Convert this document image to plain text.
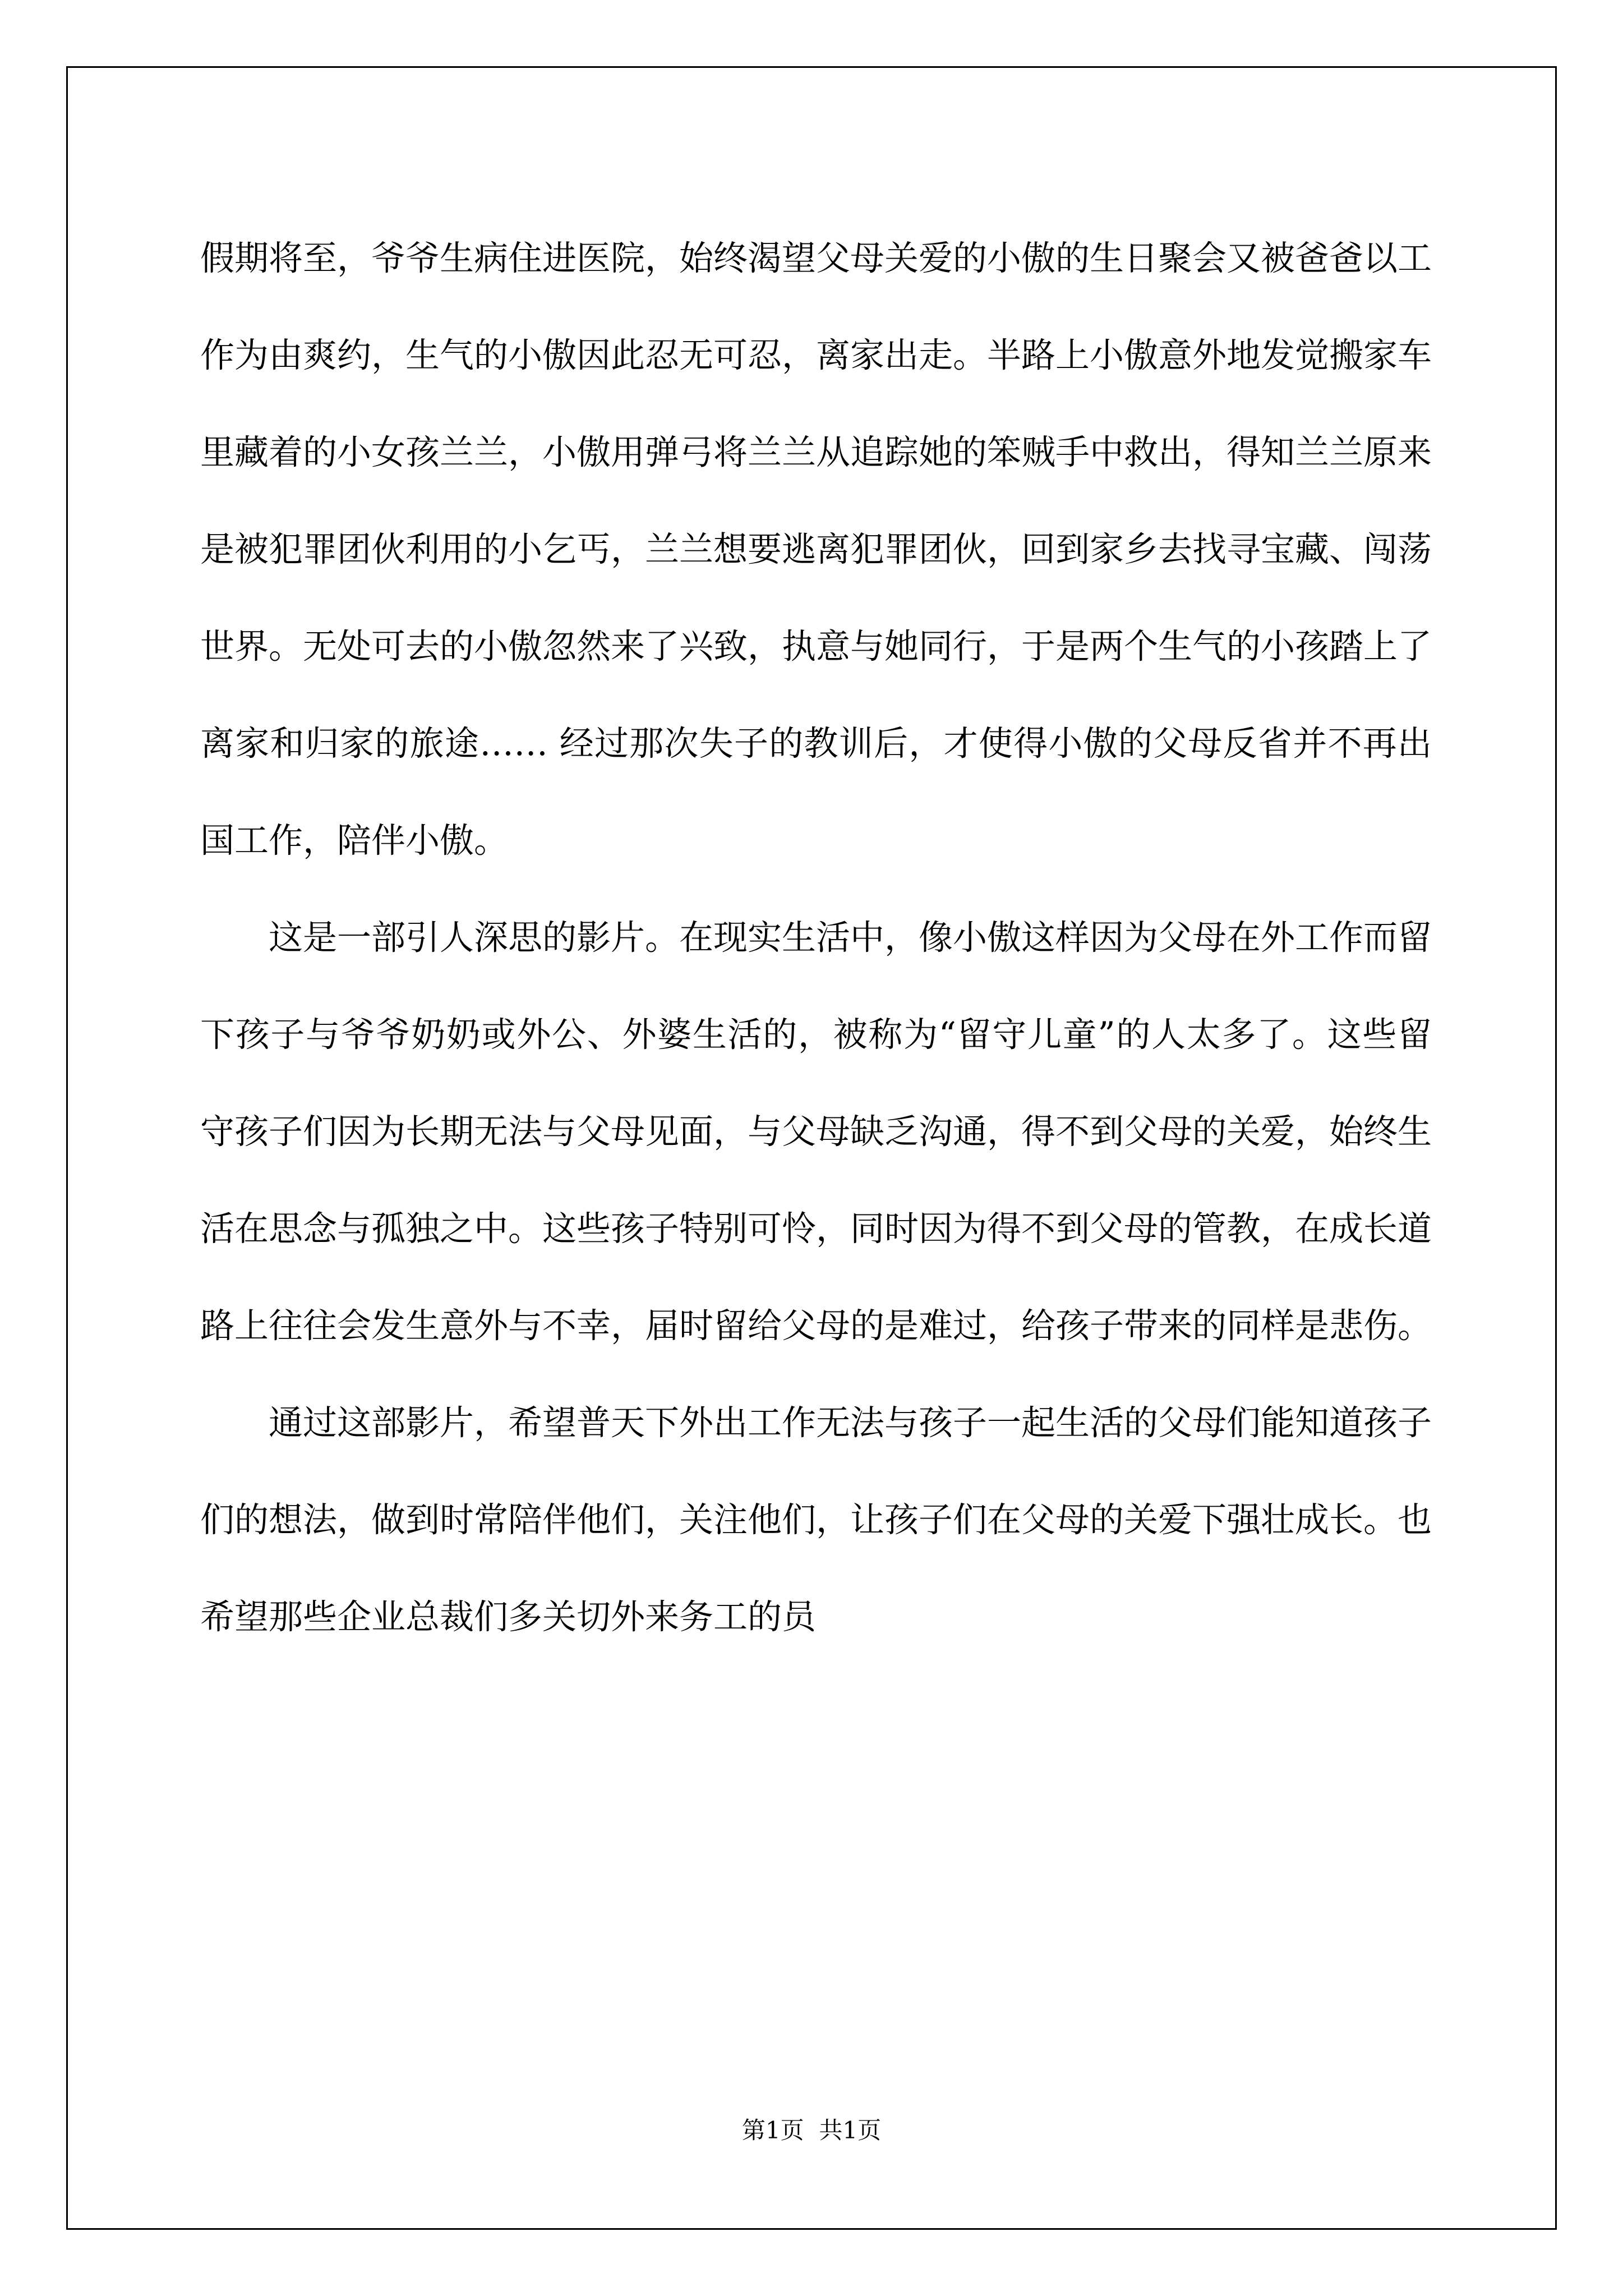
假期将至，爷爷生病住进医院，始终渴望父母关爱的小傲的生日聚会又被爸爸以工作为由爽约，生气的小傲因此忍无可忍，离家出走。半路上小傲意外地发觉搬家车里藏着的小女孩兰兰，小傲用弹弓将兰兰从追踪她的笨贼手中救出，得知兰兰原来是被犯罪团伙利用的小乞丐，兰兰想要逃离犯罪团伙，回到家乡去找寻宝藏、闯荡世界。无处可去的小傲忽然来了兴致，执意与她同行，于是两个生气的小孩踏上了离家和归家的旅途…… 经过那次失子的教训后，才使得小傲的父母反省并不再出国工作，陪伴小傲。

这是一部引人深思的影片。在现实生活中，像小傲这样因为父母在外工作而留下孩子与爷爷奶奶或外公、外婆生活的，被称为“留守儿童”的人太多了。这些留守孩子们因为长期无法与父母见面，与父母缺乏沟通，得不到父母的关爱，始终生活在思念与孤独之中。这些孩子特别可怜，同时因为得不到父母的管教，在成长道路上往往会发生意外与不幸，届时留给父母的是难过，给孩子带来的同样是悲伤。

通过这部影片，希望普天下外出工作无法与孩子一起生活的父母们能知道孩子们的想法，做到时常陪伴他们，关注他们，让孩子们在父母的关爱下强壮成长。也希望那些企业总裁们多关切外来务工的员

第1页 共1页
